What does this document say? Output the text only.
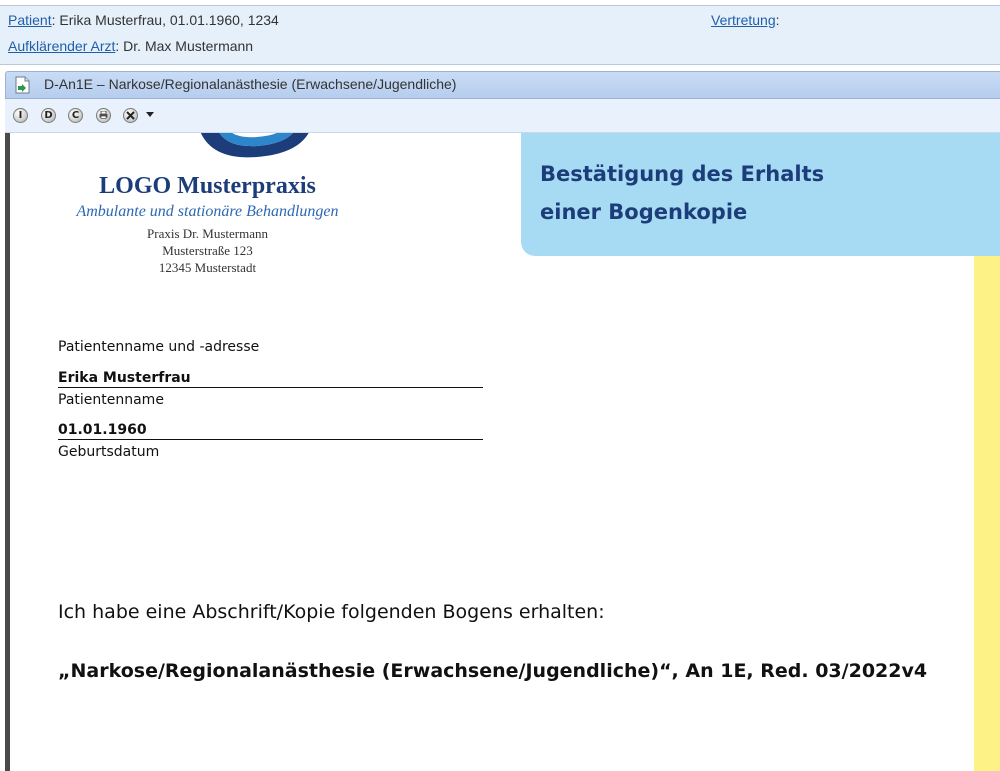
Patient: Erika Musterfrau, 01.01.1960, 1234	Vertretung:
Aufklärender Arzt: Dr. Max Mustermann
D-An1E – Narkose/Regionalanästhesie (Erwachsene/Jugendliche)
I	D	C
LOGO Musterpraxis
Ambulante und stationäre Behandlungen
Praxis Dr. Mustermann
Musterstraße 123
12345 Musterstadt
Bestätigung des Erhalts
einer Bogenkopie
Patientenname und -adresse
Erika Musterfrau
Patientenname
01.01.1960
Geburtsdatum
Ich habe eine Abschrift/Kopie folgenden Bogens erhalten:
„Narkose/Regionalanästhesie (Erwachsene/Jugendliche)“, An 1E, Red. 03/2022v4
